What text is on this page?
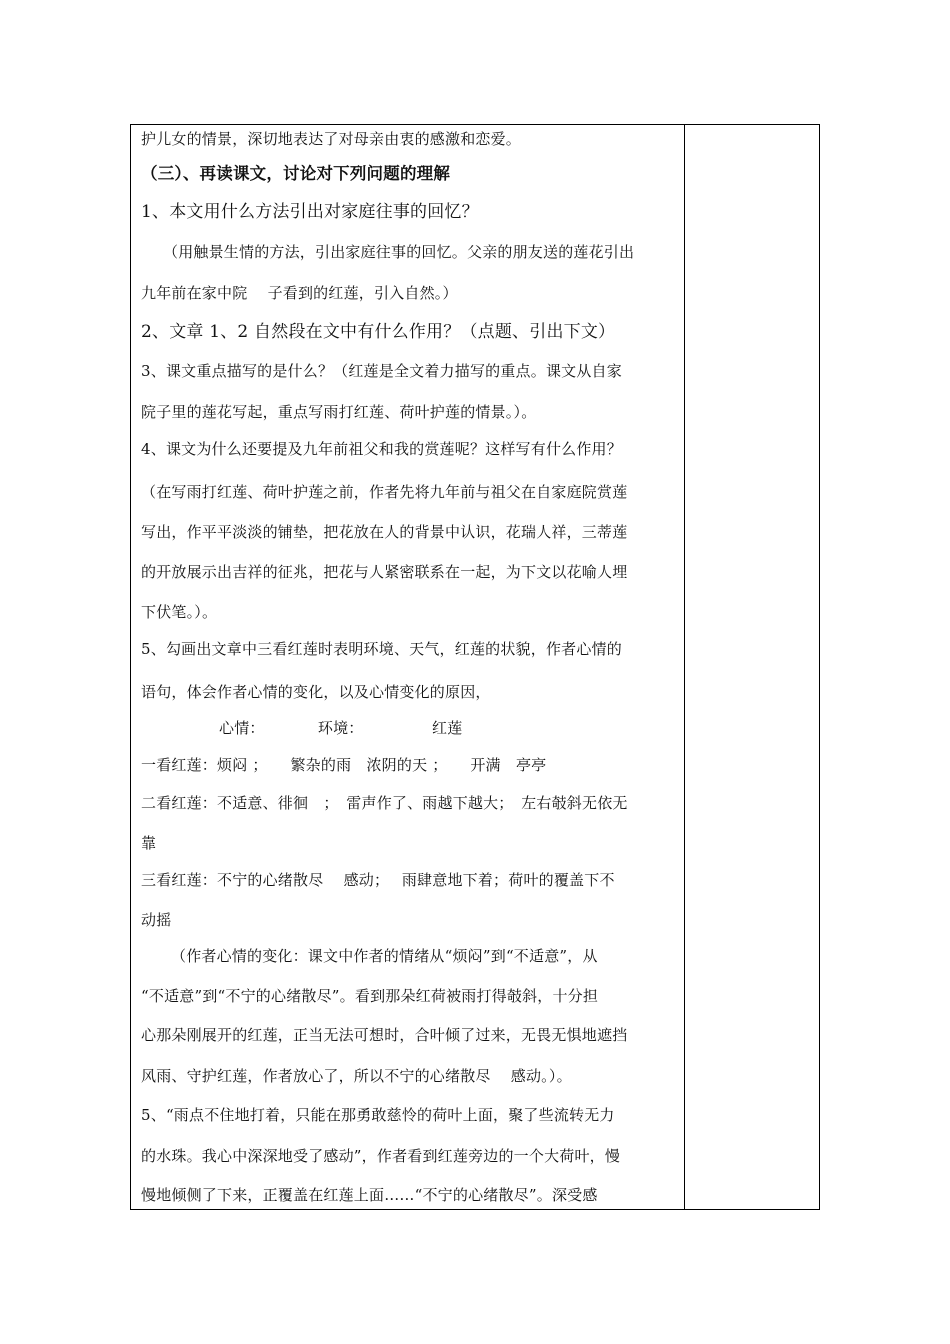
护儿女的情景，深切地表达了对母亲由衷的感激和恋爱。
（三）、再读课文，讨论对下列问题的理解
1、本文用什么方法引出对家庭往事的回忆？
（用触景生情的方法，引出家庭往事的回忆。父亲的朋友送的莲花引出
九年前在家中院　 子看到的红莲，引入自然。）
2、文章 1、2 自然段在文中有什么作用？（点题、引出下文）
3、课文重点描写的是什么？（红莲是全文着力描写的重点。课文从自家
院子里的莲花写起，重点写雨打红莲、荷叶护莲的情景。）。
4、课文为什么还要提及九年前祖父和我的赏莲呢？这样写有什么作用？
（在写雨打红莲、荷叶护莲之前，作者先将九年前与祖父在自家庭院赏莲
写出，作平平淡淡的铺垫，把花放在人的背景中认识，花瑞人祥，三蒂莲
的开放展示出吉祥的征兆，把花与人紧密联系在一起，为下文以花喻人埋
下伏笔。）。
5、勾画出文章中三看红莲时表明环境、天气，红莲的状貌，作者心情的
语句，体会作者心情的变化，以及心情变化的原因，
心情：　　　　环境：　　　　　红莲
一看红莲：烦闷 ；　　繁杂的雨　浓阴的天 ；　　开满　亭亭
二看红莲：不适意、徘徊　；　雷声作了、雨越下越大；　左右攲斜无依无
靠
三看红莲：不宁的心绪散尽　 感动；　 雨肆意地下着；荷叶的覆盖下不
动摇
（作者心情的变化：课文中作者的情绪从“烦闷”到“不适意”，从
“不适意”到“不宁的心绪散尽”。看到那朵红荷被雨打得攲斜，十分担
心那朵刚展开的红莲，正当无法可想时，合叶倾了过来，无畏无惧地遮挡
风雨、守护红莲，作者放心了，所以不宁的心绪散尽　 感动。）。
5、“雨点不住地打着，只能在那勇敢慈怜的荷叶上面，聚了些流转无力
的水珠。我心中深深地受了感动”，作者看到红莲旁边的一个大荷叶，慢
慢地倾侧了下来，正覆盖在红莲上面……“不宁的心绪散尽”。深受感
